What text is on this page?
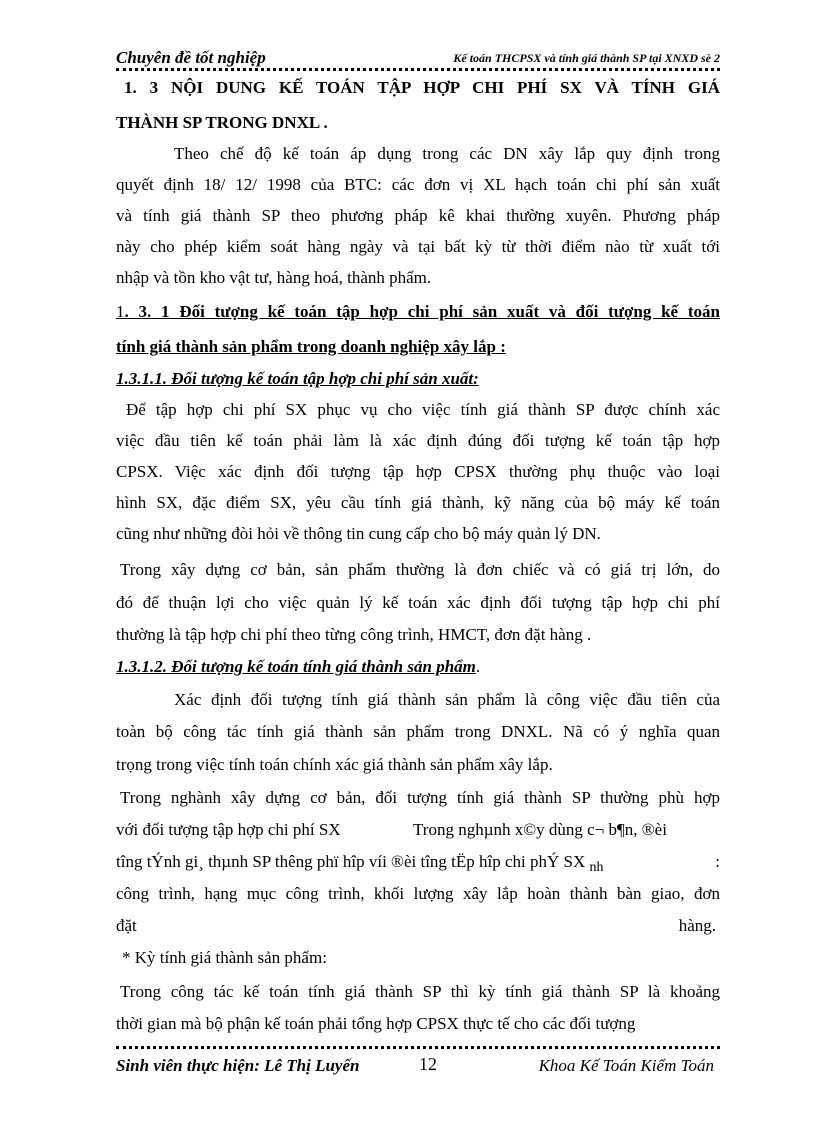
Chuyên đề tốt nghiệp	Kế toán THCPSX và tính giá thành SP tại XNXD sè 2
1. 3 NỘI DUNG KẾ TOÁN TẬP HỢP CHI PHÍ SX VÀ TÍNH GIÁ
THÀNH SP TRONG DNXL .
Theo chế độ kế toán áp dụng trong các DN xây lắp quy định trong
quyết định 18/ 12/ 1998 của BTC: các đơn vị XL hạch toán chi phí sản xuất
và tính giá thành SP theo phương pháp kê khai thường xuyên. Phương pháp
này cho phép kiểm soát hàng ngày và tại bất kỳ từ thời điểm nào từ xuất tới
nhập và tồn kho vật tư, hàng hoá, thành phẩm.
1. 3. 1 Đối tượng kế toán tập hợp chi phí sản xuất và đối tượng kế toán
tính giá thành sản phẩm trong doanh nghiệp xây lắp :
1.3.1.1. Đối tượng kế toán tập hợp chi phí sản xuất:
Để tập hợp chi phí SX phục vụ cho việc tính giá thành SP được chính xác
việc đầu tiên kế toán phải làm là xác định đúng đối tượng kế toán tập hợp
CPSX. Việc xác định đối tượng tập hợp CPSX thường phụ thuộc vào loại
hình SX, đặc điểm SX, yêu cầu tính giá thành, kỹ năng của bộ máy kế toán
cũng như những đòi hỏi về thông tin cung cấp cho bộ máy quản lý DN.
Trong xây dựng cơ bản, sản phẩm thường là đơn chiếc và có giá trị lớn, do
đó để thuận lợi cho việc quản lý kế toán xác định đối tượng tập hợp chi phí
thường là tập hợp chi phí theo từng công trình, HMCT, đơn đặt hàng .
1.3.1.2. Đối tượng kế toán tính giá thành sản phẩm.
Xác định đối tượng tính giá thành sản phẩm là công việc đầu tiên của
toàn bộ công tác tính giá thành sản phẩm trong DNXL. Nã có ý nghĩa quan
trọng trong việc tính toán chính xác giá thành sản phẩm xây lắp.
Trong nghành xây dựng cơ bản, đối tượng tính giá thành SP thường phù hợp
với đối tượng tập hợp chi phí SX	Trong nghµnh x©y dùng c¬ b¶n, ®èi
tîng tÝnh gi¸ thµnh SP thêng phï hîp víi ®èi tîng tËp hîp chi phÝ SX $_{nh}$	:
công trình, hạng mục công trình, khối lượng xây lắp hoàn thành bàn giao, đơn
đặt	hàng.
* Kỳ tính giá thành sản phẩm:
Trong công tác kế toán tính giá thành SP thì kỳ tính giá thành SP là khoảng
thời gian mà bộ phận kế toán phải tổng hợp CPSX thực tế cho các đối tượng
Sinh viên thực hiện: Lê Thị Luyến	12	Khoa Kế Toán Kiểm Toán
